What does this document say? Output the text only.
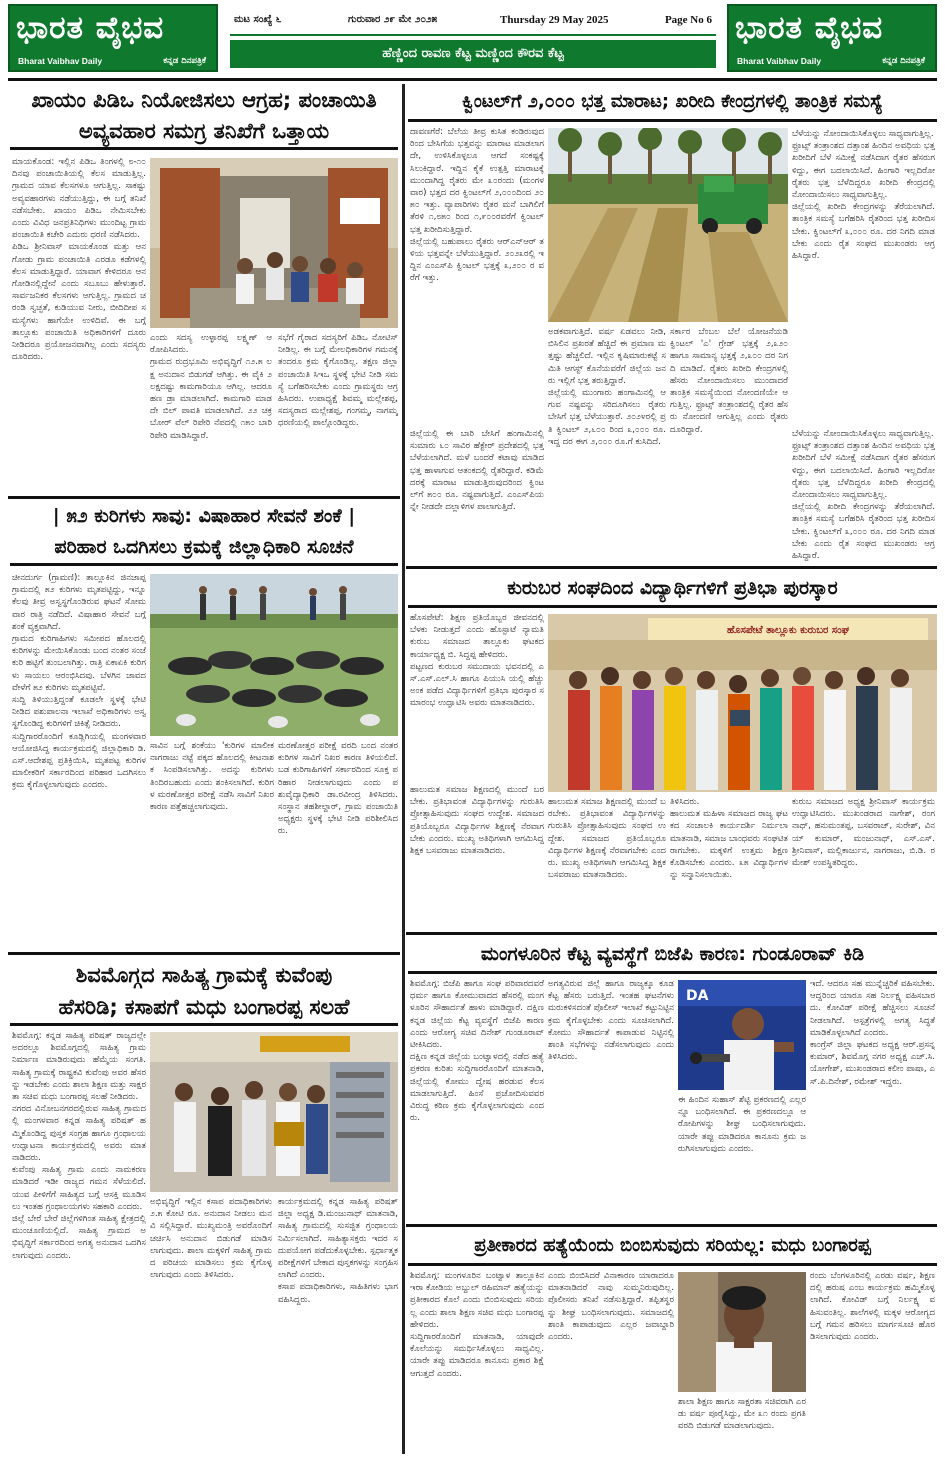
ಭಾರತ ವೈಭವ
Bharat Vaibhav Daily	ಕನ್ನಡ ದಿನಪತ್ರಿಕೆ
ಮಟ ಸಂಖ್ಯೆ ೬	ಗುರುವಾರ ೨೯ ಮೇ ೨೦೨೫	Thursday 29 May 2025	Page No 6
ಹೆಣ್ಣಿಂದ ರಾವಣ ಕೆಟ್ಟ ಮಣ್ಣಿಂದ ಕೌರವ ಕೆಟ್ಟ
ಭಾರತ ವೈಭವ
Bharat Vaibhav Daily	ಕನ್ನಡ ದಿನಪತ್ರಿಕೆ
ಖಾಯಂ ಪಿಡಿಒ ನಿಯೋಜಿಸಲು ಆಗ್ರಹ; ಪಂಚಾಯಿತಿ
ಅವ್ಯವಹಾರ ಸಮಗ್ರ ತನಿಖೆಗೆ ಒತ್ತಾಯ
ಮಾಯಕೊಂಡ: ಇಲ್ಲಿನ ಪಿಡಿಒ ತಿಂಗಳಲ್ಲಿ ೮-೧೦ ದಿನವು ಪಂಚಾಯಿತಿಯಲ್ಲಿ ಕೆಲಸ ಮಾಡುತ್ತಿಲ್ಲ. ಗ್ರಾಮದ ಯಾವ ಕೆಲಸಗಳೂ ಆಗುತ್ತಿಲ್ಲ. ಸಾಕಷ್ಟು ಅವ್ಯವಹಾರಗಳು ನಡೆಯುತ್ತಿದ್ದು, ಈ ಬಗ್ಗೆ ತನಿಖೆ ನಡೆಸಬೇಕು. ಖಾಯಂ ಪಿಡಿಒ ನೇಮಿಸಬೇಕು ಎಂದು ವಿವಿಧ ಜನಪ್ರತಿನಿಧಿಗಳು ಮುಂದಿಟ್ಟ ಗ್ರಾಮ ಪಂಚಾಯಿತಿ ಕಚೇರಿ ಎದುರು ಧರಣಿ ನಡೆಸಿದರು.
ಪಿಡಿಒ ಶ್ರೀನಿವಾಸ್ ಮಾಯಕೊಂಡ ಮತ್ತು ಆನಗೋಡು ಗ್ರಾಮ ಪಂಚಾಯಿತಿ ಎರಡೂ ಕಡೆಗಳಲ್ಲಿ ಕೆಲಸ ಮಾಡುತ್ತಿದ್ದಾರೆ. ಯಾವಾಗ ಕೇಳಿದರೂ ಆನಗೋಡಿನಲ್ಲಿದ್ದೇನೆ ಎಂದು ಸಬೂಬು ಹೇಳುತ್ತಾರೆ. ಸಾರ್ವಜನಿಕರ ಕೆಲಸಗಳು ಆಗುತ್ತಿಲ್ಲ. ಗ್ರಾಮದ ಚರಂಡಿ ಸ್ವಚ್ಛತೆ, ಕುಡಿಯುವ ನೀರು, ಬೀದಿದೀಪ ಸಮಸ್ಯೆಗಳು ಹಾಗೆಯೇ ಉಳಿದಿವೆ. ಈ ಬಗ್ಗೆ ತಾಲ್ಲೂಕು ಪಂಚಾಯಿತಿ ಅಧಿಕಾರಿಗಳಿಗೆ ದೂರು ನೀಡಿದರೂ ಪ್ರಯೋಜನವಾಗಿಲ್ಲ ಎಂದು ಸದಸ್ಯರು ದೂರಿದರು.
ಎಂದು ಸದಸ್ಯ ಉಳ್ಳಾರಪ್ಪ ಲಕ್ಷ್ಮಣ್ ಆರೋಪಿಸಿದರು.
ಗ್ರಾಮದ ರುದ್ರಭೂಮಿ ಅಭಿವೃದ್ಧಿಗೆ ೧೨.೫ ಲಕ್ಷ ಅನುದಾನ ಬಿಡುಗಡೆ ಆಗಿತ್ತು. ಈ ವೈಕಿ ೨ ಲಕ್ಷದಷ್ಟು ಕಾಮಗಾರಿಯೂ ಆಗಿಲ್ಲ. ಆದರೂ ಹಣ ಡ್ರಾ ಮಾಡಲಾಗಿದೆ. ಕಾಮಗಾರಿ ಮಾಡದೇ ಬಿಲ್ ಪಾವತಿ ಮಾಡಲಾಗಿದೆ. ೨೨ ಚಕ್ರ ಬೋರ್ ವೆಲ್ ರಿಪೇರಿ ನೆಪದಲ್ಲಿ ೧೫೦ ಬಾರಿ ರಿಪೇರಿ ಮಾಡಿಸಿದ್ದಾರೆ.
ಸಭೆಗೆ ಗೈರಾದ ಸದಸ್ಯರಿಗೆ ಪಿಡಿಒ ನೋಟಿಸ್ ನೀಡಿಲ್ಲ. ಈ ಬಗ್ಗೆ ಮೇಲಧಿಕಾರಿಗಳ ಗಮನಕ್ಕೆ ತಂದರೂ ಕ್ರಮ ಕೈಗೊಂಡಿಲ್ಲ. ತಕ್ಷಣ ಜಿಲ್ಲಾ ಪಂಚಾಯಿತಿ ಸಿಇಒ ಸ್ಥಳಕ್ಕೆ ಭೇಟಿ ನೀಡಿ ಸಮಸ್ಯೆ ಬಗೆಹರಿಸಬೇಕು ಎಂದು ಗ್ರಾಮಸ್ಥರು ಆಗ್ರಹಿಸಿದರು. ಉಪಾಧ್ಯಕ್ಷೆ ಶಿವಮ್ಮ ಮಲ್ಲೇಶಪ್ಪ, ಸದಸ್ಯರಾದ ಮಲ್ಲೇಶಪ್ಪ, ಗಂಗಮ್ಮ, ನಾಗಮ್ಮ ಧರಣಿಯಲ್ಲಿ ಪಾಲ್ಗೊಂಡಿದ್ದರು.
| ೫೨ ಕುರಿಗಳು ಸಾವು: ವಿಷಾಹಾರ ಸೇವನೆ ಶಂಕೆ |
ಪರಿಹಾರ ಒದಗಿಸಲು ಕ್ರಮಕ್ಕೆ ಜಿಲ್ಲಾಧಿಕಾರಿ ಸೂಚನೆ
ಚೀನದುರ್ಗ (ಗ್ರಾಮಣಿ): ತಾಲ್ಲೂಕಿನ ಜಿನಜಾಪ್ಪ ಗ್ರಾಮದಲ್ಲಿ ೫೨ ಕುರಿಗಳು ಮೃತಪಟ್ಟಿದ್ದು, ಇನ್ನೂ ಕೆಲವು ತೀವ್ರ ಅಸ್ವಸ್ಥಗೊಂಡಿರುವ ಘಟನೆ ಸೋಮವಾರ ರಾತ್ರಿ ನಡೆದಿದೆ. ವಿಷಾಹಾರ ಸೇವನೆ ಬಗ್ಗೆ ಶಂಕೆ ವ್ಯಕ್ತವಾಗಿದೆ.
ಗ್ರಾಮದ ಕುರಿಗಾಹಿಗಳು ಸಮೀಪದ ಹೊಲದಲ್ಲಿ ಕುರಿಗಳನ್ನು ಮೇಯಿಸಿಕೊಂಡು ಬಂದ ನಂತರ ಸಂಜೆ ಕುರಿ ಹಟ್ಟಿಗೆ ತುಂಬಲಾಗಿತ್ತು. ರಾತ್ರಿ ಏಕಾಏಕಿ ಕುರಿಗಳು ಸಾಯಲು ಆರಂಭಿಸಿದವು. ಬೆಳಗಿನ ಜಾವದ ವೇಳೆಗೆ ೫೨ ಕುರಿಗಳು ಮೃತಪಟ್ಟಿವೆ.
ಸುದ್ದಿ ತಿಳಿಯುತ್ತಿದ್ದಂತೆ ಕೂಡಲೇ ಸ್ಥಳಕ್ಕೆ ಭೇಟಿ ನೀಡಿದ ಪಶುಪಾಲನಾ ಇಲಾಖೆ ಅಧಿಕಾರಿಗಳು ಅಸ್ವಸ್ಥಗೊಂಡಿದ್ದ ಕುರಿಗಳಿಗೆ ಚಿಕಿತ್ಸೆ ನೀಡಿದರು.
ಸುದ್ದಿಗಾರರೊಂದಿಗೆ ಕೂಡ್ಲಿಗಿಯಲ್ಲಿ ಮಂಗಳವಾರ ಆಯೋಜಿಸಿದ್ದ ಕಾರ್ಯಕ್ರಮದಲ್ಲಿ ಜಿಲ್ಲಾಧಿಕಾರಿ ಡಿ.ಎಸ್.ಆದೇಶಪ್ಪ ಪ್ರತಿಕ್ರಿಯಿಸಿ, ಮೃತಪಟ್ಟ ಕುರಿಗಳ ಮಾಲೀಕರಿಗೆ ಸರ್ಕಾರದಿಂದ ಪರಿಹಾರ ಒದಗಿಸಲು ಕ್ರಮ ಕೈಗೊಳ್ಳಲಾಗುವುದು ಎಂದರು.
ಸಾವಿನ ಬಗ್ಗೆ ಶಂಕೆಯು 'ಕುರಿಗಳ ಮಾಲೀಕ ನಾಗರಾಜು ನಟ್ಟೆ ಪಕ್ಕದ ಹೊಲದಲ್ಲಿ ಕೀಟನಾಶಕ ಸಿಂಪಡಿಸಲಾಗಿತ್ತು. ಅದನ್ನು ಕುರಿಗಳು ತಿಂದಿರಬಹುದು ಎಂದು ಶಂಕಿಸಲಾಗಿದೆ. ಕುರಿಗಳ ಮರಣೋತ್ತರ ಪರೀಕ್ಷೆ ನಡೆಸಿ ಸಾವಿಗೆ ನಿಖರ ಕಾರಣ ಪತ್ತೆಹಚ್ಚಲಾಗುವುದು.
ಮರಣೋತ್ತರ ಪರೀಕ್ಷೆ ವರದಿ ಬಂದ ನಂತರ ಕುರಿಗಳ ಸಾವಿಗೆ ನಿಖರ ಕಾರಣ ತಿಳಿಯಲಿದೆ. ಬಡ ಕುರಿಗಾಹಿಗಳಿಗೆ ಸರ್ಕಾರದಿಂದ ಸೂಕ್ತ ಪರಿಹಾರ ನೀಡಲಾಗುವುದು ಎಂದು ಪಶುವೈದ್ಯಾಧಿಕಾರಿ ಡಾ.ರವೀಂದ್ರ ತಿಳಿಸಿದರು. ಸಂಸ್ಥಾನ ತಹಶೀಲ್ದಾರ್, ಗ್ರಾಮ ಪಂಚಾಯಿತಿ ಅಧ್ಯಕ್ಷರು ಸ್ಥಳಕ್ಕೆ ಭೇಟಿ ನೀಡಿ ಪರಿಶೀಲಿಸಿದರು.
ಶಿವಮೊಗ್ಗದ ಸಾಹಿತ್ಯ ಗ್ರಾಮಕ್ಕೆ ಕುವೆಂಪು
ಹೆಸರಿಡಿ; ಕಸಾಪಗೆ ಮಧು ಬಂಗಾರಪ್ಪ ಸಲಹೆ
ಶಿವಮೊಗ್ಗ: ಕನ್ನಡ ಸಾಹಿತ್ಯ ಪರಿಷತ್ ರಾಜ್ಯದಲ್ಲೇ ಅದರಲ್ಲೂ ಶಿವಮೊಗ್ಗದಲ್ಲಿ ಸಾಹಿತ್ಯ ಗ್ರಾಮ ನಿರ್ಮಾಣ ಮಾಡಿರುವುದು ಹೆಮ್ಮೆಯ ಸಂಗತಿ. ಸಾಹಿತ್ಯ ಗ್ರಾಮಕ್ಕೆ ರಾಷ್ಟ್ರಕವಿ ಕುವೆಂಪು ಅವರ ಹೆಸರನ್ನು ಇಡಬೇಕು ಎಂದು ಶಾಲಾ ಶಿಕ್ಷಣ ಮತ್ತು ಸಾಕ್ಷರತಾ ಸಚಿವ ಮಧು ಬಂಗಾರಪ್ಪ ಸಲಹೆ ನೀಡಿದರು.
ನಗರದ ವಿನೋಬನಗರದಲ್ಲಿರುವ ಸಾಹಿತ್ಯ ಗ್ರಾಮದಲ್ಲಿ ಮಂಗಳವಾರ ಕನ್ನಡ ಸಾಹಿತ್ಯ ಪರಿಷತ್ ಹಮ್ಮಿಕೊಂಡಿದ್ದ ಪುಸ್ತಕ ಸಂಗ್ರಹ ಹಾಗೂ ಗ್ರಂಥಾಲಯ ಉದ್ಘಾಟನಾ ಕಾರ್ಯಕ್ರಮದಲ್ಲಿ ಅವರು ಮಾತನಾಡಿದರು.
ಕುವೆಂಪು ಸಾಹಿತ್ಯ ಗ್ರಾಮ ಎಂದು ನಾಮಕರಣ ಮಾಡಿದರೆ ಇಡೀ ರಾಜ್ಯದ ಗಮನ ಸೆಳೆಯಲಿದೆ. ಯುವ ಪೀಳಿಗೆಗೆ ಸಾಹಿತ್ಯದ ಬಗ್ಗೆ ಆಸಕ್ತಿ ಮೂಡಿಸಲು ಇಂತಹ ಗ್ರಂಥಾಲಯಗಳು ಸಹಕಾರಿ ಎಂದರು.
ಜಿಲ್ಲೆ ಬೇರೆ ಬೇರೆ ಜಿಲ್ಲೆಗಳಿಗಿಂತ ಸಾಹಿತ್ಯ ಕ್ಷೇತ್ರದಲ್ಲಿ ಮುಂಚೂಣಿಯಲ್ಲಿದೆ. ಸಾಹಿತ್ಯ ಗ್ರಾಮದ ಅಭಿವೃದ್ಧಿಗೆ ಸರ್ಕಾರದಿಂದ ಅಗತ್ಯ ಅನುದಾನ ಒದಗಿಸಲಾಗುವುದು ಎಂದರು.
ಅಭಿವೃದ್ಧಿಗೆ ಇಲ್ಲಿನ ಕಸಾಪ ಪದಾಧಿಕಾರಿಗಳು ೨.೫ ಕೋಟಿ ರೂ. ಅನುದಾನ ನೀಡಲು ಮನವಿ ಸಲ್ಲಿಸಿದ್ದಾರೆ. ಮುಖ್ಯಮಂತ್ರಿ ಅವರೊಂದಿಗೆ ಚರ್ಚಿಸಿ ಅನುದಾನ ಬಿಡುಗಡೆ ಮಾಡಿಸಲಾಗುವುದು. ಶಾಲಾ ಮಕ್ಕಳಿಗೆ ಸಾಹಿತ್ಯ ಗ್ರಾಮದ ಪರಿಚಯ ಮಾಡಿಸಲು ಕ್ರಮ ಕೈಗೊಳ್ಳಲಾಗುವುದು ಎಂದು ತಿಳಿಸಿದರು.
ಕಾರ್ಯಕ್ರಮದಲ್ಲಿ ಕನ್ನಡ ಸಾಹಿತ್ಯ ಪರಿಷತ್ ಜಿಲ್ಲಾ ಅಧ್ಯಕ್ಷ ಡಿ.ಮಂಜುನಾಥ್ ಮಾತನಾಡಿ, ಸಾಹಿತ್ಯ ಗ್ರಾಮದಲ್ಲಿ ಸುಸಜ್ಜಿತ ಗ್ರಂಥಾಲಯ ನಿರ್ಮಿಸಲಾಗಿದೆ. ಸಾಹಿತ್ಯಾಸಕ್ತರು ಇದರ ಸದುಪಯೋಗ ಪಡೆದುಕೊಳ್ಳಬೇಕು. ಸ್ಪರ್ಧಾತ್ಮಕ ಪರೀಕ್ಷೆಗಳಿಗೆ ಬೇಕಾದ ಪುಸ್ತಕಗಳನ್ನು ಸಂಗ್ರಹಿಸಲಾಗಿದೆ ಎಂದರು.
ಕಸಾಪ ಪದಾಧಿಕಾರಿಗಳು, ಸಾಹಿತಿಗಳು ಭಾಗವಹಿಸಿದ್ದರು.
ಕ್ವಿಂಟಲ್‌ಗೆ ೨,೦೦೦ ಭತ್ತ ಮಾರಾಟ; ಖರೀದಿ ಕೇಂದ್ರಗಳಲ್ಲಿ ತಾಂತ್ರಿಕ ಸಮಸ್ಯೆ
ದಾವಣಗೆರೆ: ಬೆಲೆಯ ತೀವ್ರ ಕುಸಿತ ಕಂಡಿರುವುದರಿಂದ ಬೇಸಿಗೆಯ ಭತ್ತವನ್ನು ಮಾರಾಟ ಮಾಡಲಾಗದೇ, ಉಳಿಸಿಕೊಳ್ಳಲೂ ಆಗದೆ ಸಂಕಷ್ಟಕ್ಕೆ ಸಿಲುಕಿದ್ದಾರೆ. ಇದ್ದಿನ ಕೈಕೆ ಉತ್ಪತ್ತಿ ಮಾರಾಟಕ್ಕೆ ಮುಂದಾಗಿದ್ದ ರೈತರು ಮೇ ೩೦ರಂದು (ಮಂಗಳವಾರ) ಭತ್ತದ ದರ ಕ್ವಿಂಟಲ್‌ಗೆ ೨,೦೦೦ದಿಂದ ೨೦೫೦ ಇತ್ತು. ವ್ಯಾಪಾರಿಗಳು ರೈತರ ಮನೆ ಬಾಗಿಲಿಗೆ ತೆರಳಿ ೧,೮೫೦ ರಿಂದ ೧,೯೦೦ರವರೆಗೆ ಕ್ವಿಂಟಲ್ ಭತ್ತ ಖರೀದಿಸುತ್ತಿದ್ದಾರೆ.
ಜಿಲ್ಲೆಯಲ್ಲಿ ಬಹುಪಾಲು ರೈತರು ಆರ್‌ಎನ್‌ಆರ್ ತಳಿಯ ಭತ್ತವನ್ನೇ ಬೆಳೆಯುತ್ತಿದ್ದಾರೆ. ೨೦೨೩ರಲ್ಲಿ ಇದ್ದಿನ ಎಂಎಸ್‌ಪಿ ಕ್ವಿಂಟಲ್ ಭತ್ತಕ್ಕೆ ೩,೨೦೦ ರ ವರೆಗೆ ಇತ್ತು.
ಬೆಳೆಯನ್ನು ನೋಂದಾಯಿಸಿಕೊಳ್ಳಲು ಸಾಧ್ಯವಾಗುತ್ತಿಲ್ಲ.
ಫ್ರೂಟ್ಸ್ ತಂತ್ರಾಂಶದ ದತ್ತಾಂಶ ಹಿಂದಿನ ಅವಧಿಯ ಭತ್ತ ಖರೀದಿಗೆ ಬೆಳೆ ಸಮೀಕ್ಷೆ ನಡೆಸಿದಾಗ ರೈತರ ಹೆಸರುಗಳಿದ್ದು, ಈಗ ಬದಲಾಯಿಸಿದೆ. ಹಿಂಗಾರಿ ಇಲ್ಲದಿರೋ ರೈತರು ಭತ್ತ ಬೆಳೆದಿದ್ದರೂ ಖರೀದಿ ಕೇಂದ್ರದಲ್ಲಿ ನೋಂದಾಯಿಸಲು ಸಾಧ್ಯವಾಗುತ್ತಿಲ್ಲ.
ಜಿಲ್ಲೆಯಲ್ಲಿ ಖರೀದಿ ಕೇಂದ್ರಗಳನ್ನು ತೆರೆಯಲಾಗಿದೆ. ತಾಂತ್ರಿಕ ಸಮಸ್ಯೆ ಬಗೆಹರಿಸಿ ರೈತರಿಂದ ಭತ್ತ ಖರೀದಿಸಬೇಕು. ಕ್ವಿಂಟಲ್‌ಗೆ ೩,೦೦೦ ರೂ. ದರ ನಿಗದಿ ಮಾಡಬೇಕು ಎಂದು ರೈತ ಸಂಘದ ಮುಖಂಡರು ಆಗ್ರಹಿಸಿದ್ದಾರೆ.
ಅಡಕವಾಗುತ್ತಿದೆ. ವರ್ಷ ಏಡವಲು ನೀಡಿ, ಬಿಸಿಲಿನ ಪ್ರಖರತೆ ಹೆಚ್ಚಿದೆ ಈ ಪ್ರಮಾಣ ಮತ್ತಷ್ಟು ಹೆಚ್ಚಲಿದೆ. ಇಲ್ಲಿನ ಕೃಷಿಮಾರುಕಟ್ಟೆ ಸಮಿತಿ ಆಗಸ್ಟ್ ಕೊನೆಯವರೆಗೆ ಜಿಲ್ಲೆಯ ಜನರು ಇಲ್ಲಿಗೆ ಭತ್ತ ತರುತ್ತಿದ್ದಾರೆ.
ಜಿಲ್ಲೆಯಲ್ಲಿ ಮುಂಗಾರು ಹಂಗಾಮಿನಲ್ಲಿ ಆಗುವ ನಷ್ಟವನ್ನು ಸರಿದೂಗಿಸಲು ರೈತರು ಬೇಸಿಗೆ ಭತ್ತ ಬೆಳೆಯುತ್ತಾರೆ. ೨೦೨೪ರಲ್ಲಿ ಪ್ರತಿ ಕ್ವಿಂಟಲ್ ೨,೬೦೦ ರಿಂದ ೩,೦೦೦ ರೂ. ಇದ್ದ ದರ ಈಗ ೨,೦೦೦ ರೂ.ಗೆ ಕುಸಿದಿದೆ.
ಸರ್ಕಾರ ಬೆಂಬಲ ಬೆಲೆ ಯೋಜನೆಯಡಿ ಕ್ವಿಂಟಲ್ 'ಎ' ಗ್ರೇಡ್ ಭತ್ತಕ್ಕೆ ೨,೩೨೦ ಹಾಗೂ ಸಾಮಾನ್ಯ ಭತ್ತಕ್ಕೆ ೨,೩೦೦ ದರ ನಿಗದಿ ಮಾಡಿದೆ. ರೈತರು ಖರೀದಿ ಕೇಂದ್ರಗಳಲ್ಲಿ ಹೆಸರು ನೋಂದಾಯಿಸಲು ಮುಂದಾದರೆ ತಾಂತ್ರಿಕ ಸಮಸ್ಯೆಯಿಂದ ನೋಂದಣಿಯೇ ಆಗುತ್ತಿಲ್ಲ. ಫ್ರೂಟ್ಸ್ ತಂತ್ರಾಂಶದಲ್ಲಿ ರೈತರ ಹೆಸರು ನೋಂದಣಿ ಆಗುತ್ತಿಲ್ಲ ಎಂದು ರೈತರು ದೂರಿದ್ದಾರೆ.
ಜಿಲ್ಲೆಯಲ್ಲಿ ಈ ಬಾರಿ ಬೇಸಿಗೆ ಹಂಗಾಮಿನಲ್ಲಿ ಸುಮಾರು ೬೦ ಸಾವಿರ ಹೆಕ್ಟೇರ್ ಪ್ರದೇಶದಲ್ಲಿ ಭತ್ತ ಬೆಳೆಯಲಾಗಿದೆ. ಮಳೆ ಬಂದರೆ ಕಟಾವು ಮಾಡಿದ ಭತ್ತ ಹಾಳಾಗುವ ಆತಂಕದಲ್ಲಿ ರೈತರಿದ್ದಾರೆ. ಕಡಿಮೆ ದರಕ್ಕೆ ಮಾರಾಟ ಮಾಡುತ್ತಿರುವುದರಿಂದ ಕ್ವಿಂಟಲ್‌ಗೆ ೫೦೦ ರೂ. ನಷ್ಟವಾಗುತ್ತಿದೆ. ಎಂಎಸ್‌ಪಿಯನ್ನೇ ನೀಡದೇ ದಲ್ಲಾಳಿಗಳ ಪಾಲಾಗುತ್ತಿದೆ.
ಬೆಳೆಯನ್ನು ನೋಂದಾಯಿಸಿಕೊಳ್ಳಲು ಸಾಧ್ಯವಾಗುತ್ತಿಲ್ಲ.
ಫ್ರೂಟ್ಸ್ ತಂತ್ರಾಂಶದ ದತ್ತಾಂಶ ಹಿಂದಿನ ಅವಧಿಯ ಭತ್ತ ಖರೀದಿಗೆ ಬೆಳೆ ಸಮೀಕ್ಷೆ ನಡೆಸಿದಾಗ ರೈತರ ಹೆಸರುಗಳಿದ್ದು, ಈಗ ಬದಲಾಯಿಸಿದೆ. ಹಿಂಗಾರಿ ಇಲ್ಲದಿರೋ ರೈತರು ಭತ್ತ ಬೆಳೆದಿದ್ದರೂ ಖರೀದಿ ಕೇಂದ್ರದಲ್ಲಿ ನೋಂದಾಯಿಸಲು ಸಾಧ್ಯವಾಗುತ್ತಿಲ್ಲ.
ಜಿಲ್ಲೆಯಲ್ಲಿ ಖರೀದಿ ಕೇಂದ್ರಗಳನ್ನು ತೆರೆಯಲಾಗಿದೆ. ತಾಂತ್ರಿಕ ಸಮಸ್ಯೆ ಬಗೆಹರಿಸಿ ರೈತರಿಂದ ಭತ್ತ ಖರೀದಿಸಬೇಕು. ಕ್ವಿಂಟಲ್‌ಗೆ ೩,೦೦೦ ರೂ. ದರ ನಿಗದಿ ಮಾಡಬೇಕು ಎಂದು ರೈತ ಸಂಘದ ಮುಖಂಡರು ಆಗ್ರಹಿಸಿದ್ದಾರೆ.
ಕುರುಬರ ಸಂಘದಿಂದ ವಿದ್ಯಾರ್ಥಿಗಳಿಗೆ ಪ್ರತಿಭಾ ಪುರಸ್ಕಾರ
ಹೊಸಪೇಟೆ: ಶಿಕ್ಷಣ ಪ್ರತಿಯೊಬ್ಬರ ಜೀವನದಲ್ಲಿ ಬೆಳಕು ನೀಡುತ್ತದೆ ಎಂದು ಹೊಸ್ಪಾಟೆ ನ್ಯಾಮತಿ ಕುರುಬ ಸಮಾಜದ ತಾಲ್ಲೂಕು ಘಟಕದ ಕಾರ್ಯಾಧ್ಯಕ್ಷ ಬಿ. ಸಿದ್ದಪ್ಪ ಹೇಳಿದರು.
ಪಟ್ಟಣದ ಕುರುಬರ ಸಮುದಾಯ ಭವನದಲ್ಲಿ ಎಸ್.ಎಸ್.ಎಲ್.ಸಿ ಹಾಗೂ ಪಿಯುಸಿ ಯಲ್ಲಿ ಹೆಚ್ಚು ಅಂಕ ಪಡೆದ ವಿದ್ಯಾರ್ಥಿಗಳಿಗೆ ಪ್ರತಿಭಾ ಪುರಸ್ಕಾರ ಸಮಾರಂಭ ಉದ್ಘಾಟಿಸಿ ಅವರು ಮಾತನಾಡಿದರು.
ಹೊಸಪೇಟೆ ತಾಲ್ಲೂಕು ಕುರುಬರ ಸಂಘ
ಹಾಲುಮತ ಸಮಾಜ ಶಿಕ್ಷಣದಲ್ಲಿ ಮುಂದೆ ಬರಬೇಕು. ಪ್ರತಿಭಾವಂತ ವಿದ್ಯಾರ್ಥಿಗಳನ್ನು ಗುರುತಿಸಿ ಪ್ರೋತ್ಸಾಹಿಸುವುದು ಸಂಘದ ಉದ್ದೇಶ. ಸಮಾಜದ ಪ್ರತಿಯೊಬ್ಬರೂ ವಿದ್ಯಾರ್ಥಿಗಳ ಶಿಕ್ಷಣಕ್ಕೆ ನೆರವಾಗಬೇಕು ಎಂದರು. ಮುಖ್ಯ ಅತಿಥಿಗಳಾಗಿ ಆಗಮಿಸಿದ್ದ ಶಿಕ್ಷಕ ಬಸವರಾಜು ಮಾತನಾಡಿದರು.
ಹಾಲುಮತ ಸಮಾಜ ಶಿಕ್ಷಣದಲ್ಲಿ ಮುಂದೆ ಬರಬೇಕು. ಪ್ರತಿಭಾವಂತ ವಿದ್ಯಾರ್ಥಿಗಳನ್ನು ಗುರುತಿಸಿ ಪ್ರೋತ್ಸಾಹಿಸುವುದು ಸಂಘದ ಉದ್ದೇಶ. ಸಮಾಜದ ಪ್ರತಿಯೊಬ್ಬರೂ ವಿದ್ಯಾರ್ಥಿಗಳ ಶಿಕ್ಷಣಕ್ಕೆ ನೆರವಾಗಬೇಕು ಎಂದರು. ಮುಖ್ಯ ಅತಿಥಿಗಳಾಗಿ ಆಗಮಿಸಿದ್ದ ಶಿಕ್ಷಕ ಬಸವರಾಜು ಮಾತನಾಡಿದರು.
ತಿಳಿಸಿದರು.
ಹಾಲುಮತ ಮಹಿಳಾ ಸಮಾಜದ ರಾಜ್ಯ ಘಟಕದ ಸಂಚಾಲಕಿ ಕಾರ್ಯದರ್ಶಿ ನಿರ್ಮಲಾ ಮಾತನಾಡಿ, ಸಮಾಜ ಬಾಂಧವರು ಸಂಘಟಿತರಾಗಬೇಕು. ಮಕ್ಕಳಿಗೆ ಉತ್ತಮ ಶಿಕ್ಷಣ ಕೊಡಿಸಬೇಕು ಎಂದರು. ೩೫ ವಿದ್ಯಾರ್ಥಿಗಳನ್ನು ಸನ್ಮಾನಿಸಲಾಯಿತು.
ಕುರುಬ ಸಮಾಜದ ಅಧ್ಯಕ್ಷ ಶ್ರೀನಿವಾಸ್ ಕಾರ್ಯಕ್ರಮ ಉದ್ಘಾಟಿಸಿದರು. ಮುಖಂಡರಾದ ನಾಗೇಶ್, ರಂಗನಾಥ್, ಹನುಮಂತಪ್ಪ, ಬಸವರಾಜ್, ಸುರೇಶ್, ವಿನಯ್ ಕುಮಾರ್, ಮಂಜುನಾಥ್, ಎಸ್.ಎಸ್.ಶ್ರೀನಿವಾಸ್, ಮಲ್ಲಿಕಾರ್ಜುನ, ನಾಗರಾಜು, ಬಿ.ಡಿ. ರಮೇಶ್ ಉಪಸ್ಥಿತರಿದ್ದರು.
ಮಂಗಳೂರಿನ ಕೆಟ್ಟ ವ್ಯವಸ್ಥೆಗೆ ಬಿಜೆಪಿ ಕಾರಣ: ಗುಂಡೂರಾವ್ ಕಿಡಿ
ಶಿವಮೊಗ್ಗ: ಬಿಜೆಪಿ ಹಾಗೂ ಸಂಘ ಪರಿವಾರದವರೆ ಧರ್ಮ ಹಾಗೂ ಕೋಮುವಾದದ ಹೆಸರಲ್ಲಿ ಮಂಗಳೂರಿನ ಸೌಹಾರ್ದತೆ ಹಾಳು ಮಾಡಿದ್ದಾರೆ. ದಕ್ಷಿಣ ಕನ್ನಡ ಜಿಲ್ಲೆಯ ಕೆಟ್ಟ ವ್ಯವಸ್ಥೆಗೆ ಬಿಜೆಪಿ ಕಾರಣ ಎಂದು ಆರೋಗ್ಯ ಸಚಿವ ದಿನೇಶ್ ಗುಂಡೂರಾವ್ ಟೀಕಿಸಿದರು.
ದಕ್ಷಿಣ ಕನ್ನಡ ಜಿಲ್ಲೆಯ ಬಂಟ್ವಾಳದಲ್ಲಿ ನಡೆದ ಹತ್ಯೆ ಪ್ರಕರಣ ಕುರಿತು ಸುದ್ದಿಗಾರರೊಂದಿಗೆ ಮಾತನಾಡಿ, ಜಿಲ್ಲೆಯಲ್ಲಿ ಕೋಮು ದ್ವೇಷ ಹರಡುವ ಕೆಲಸ ಮಾಡಲಾಗುತ್ತಿದೆ. ಹಿಂಸೆ ಪ್ರಚೋದಿಸುವವರ ವಿರುದ್ಧ ಕಠಿಣ ಕ್ರಮ ಕೈಗೊಳ್ಳಲಾಗುವುದು ಎಂದರು.
ಅಗತ್ಯವಿರುವ ಜಿಲ್ಲೆ ಹಾಗೂ ರಾಜ್ಯಕ್ಕೂ ಕೂಡ ಕೆಟ್ಟ ಹೆಸರು ಬರುತ್ತಿದೆ. ಇಂತಹ ಘಟನೆಗಳು ಮರುಕಳಿಸದಂತೆ ಪೊಲೀಸ್ ಇಲಾಖೆ ಕಟ್ಟುನಿಟ್ಟಿನ ಕ್ರಮ ಕೈಗೊಳ್ಳಬೇಕು ಎಂದು ಸೂಚಿಸಲಾಗಿದೆ. ಕೋಮು ಸೌಹಾರ್ದತೆ ಕಾಪಾಡುವ ನಿಟ್ಟಿನಲ್ಲಿ ಶಾಂತಿ ಸಭೆಗಳನ್ನು ನಡೆಸಲಾಗುವುದು ಎಂದು ತಿಳಿಸಿದರು.
DA
ಈ ಹಿಂದಿನ ಸುಹಾಸ್ ಶೆಟ್ಟಿ ಪ್ರಕರಣದಲ್ಲಿ ಎಲ್ಲರನ್ನೂ ಬಂಧಿಸಲಾಗಿದೆ. ಈ ಪ್ರಕರಣದಲ್ಲೂ ಆರೋಪಿಗಳನ್ನು ಶೀಘ್ರ ಬಂಧಿಸಲಾಗುವುದು. ಯಾರೇ ತಪ್ಪು ಮಾಡಿದರೂ ಕಾನೂನು ಕ್ರಮ ಜರುಗಿಸಲಾಗುವುದು ಎಂದರು.
ಇದೆ. ಆದರೂ ಸಹ ಮುನ್ನೆಚ್ಚರಿಕೆ ವಹಿಸಬೇಕು. ಆದ್ದರಿಂದ ಯಾರೂ ಸಹ ನಿರ್ಲಕ್ಷ್ಯ ವಹಿಸಬಾರದು. ಕೋವಿಡ್ ಪರೀಕ್ಷೆ ಹೆಚ್ಚಿಸಲು ಸೂಚನೆ ನೀಡಲಾಗಿದೆ. ಆಸ್ಪತ್ರೆಗಳಲ್ಲಿ ಅಗತ್ಯ ಸಿದ್ಧತೆ ಮಾಡಿಕೊಳ್ಳಲಾಗಿದೆ ಎಂದರು.
ಕಾಂಗ್ರೆಸ್ ಜಿಲ್ಲಾ ಘಟಕದ ಅಧ್ಯಕ್ಷ ಆರ್.ಪ್ರಸನ್ನ ಕುಮಾರ್, ಶಿವಮೊಗ್ಗ ನಗರ ಅಧ್ಯಕ್ಷ ಎಚ್.ಸಿ.ಯೋಗೇಶ್, ಮುಖಂಡರಾದ ಕಲೀಂ ಪಾಷಾ, ಎಸ್.ಪಿ.ದಿನೇಶ್, ರಮೇಶ್ ಇದ್ದರು.
ಪ್ರತೀಕಾರದ ಹತ್ಯೆಯೆಂದು ಬಿಂಬಿಸುವುದು ಸರಿಯಲ್ಲ: ಮಧು ಬಂಗಾರಪ್ಪ
ಶಿವಮೊಗ್ಗ: ಮಂಗಳೂರಿನ ಬಂಟ್ವಾಳ ತಾಲ್ಲೂಕಿನ ಇರಾ ಕೋಡಿಯ ಅಬ್ದುಲ್ ರಹಿಮಾನ್ ಹತ್ಯೆಯನ್ನು ಪ್ರತೀಕಾರದ ಕೊಲೆ ಎಂದು ಬಿಂಬಿಸುವುದು ಸರಿಯಲ್ಲ ಎಂದು ಶಾಲಾ ಶಿಕ್ಷಣ ಸಚಿವ ಮಧು ಬಂಗಾರಪ್ಪ ಹೇಳಿದರು.
ಸುದ್ದಿಗಾರರೊಂದಿಗೆ ಮಾತನಾಡಿ, ಯಾವುದೇ ಕೊಲೆಯನ್ನು ಸಮರ್ಥಿಸಿಕೊಳ್ಳಲು ಸಾಧ್ಯವಿಲ್ಲ. ಯಾರೇ ತಪ್ಪು ಮಾಡಿದರೂ ಕಾನೂನು ಪ್ರಕಾರ ಶಿಕ್ಷೆ ಆಗುತ್ತದೆ ಎಂದರು.
ಎಂದು ಬಿಂಬಿಸಿದರೆ ವಿನಾಕಾರಣ ಯಾರಾದರೂ ಮಾತನಾಡಿದರೆ ನಾವು ಸುಮ್ಮನಿರುವುದಿಲ್ಲ. ಪೊಲೀಸರು ತನಿಖೆ ನಡೆಸುತ್ತಿದ್ದಾರೆ. ತಪ್ಪಿತಸ್ಥರನ್ನು ಶೀಘ್ರ ಬಂಧಿಸಲಾಗುವುದು. ಸಮಾಜದಲ್ಲಿ ಶಾಂತಿ ಕಾಪಾಡುವುದು ಎಲ್ಲರ ಜವಾಬ್ದಾರಿ ಎಂದರು.
ಶಾಲಾ ಶಿಕ್ಷಣ ಹಾಗೂ ಸಾಕ್ಷರತಾ ಸಚಿವರಾಗಿ ಎರಡು ವರ್ಷ ಪೂರೈಸಿದ್ದು, ಮೇ ೩೧ ರಂದು ಪ್ರಗತಿ ವರದಿ ಬಿಡುಗಡೆ ಮಾಡಲಾಗುವುದು.
ರಂದು ಬೆಂಗಳೂರಿನಲ್ಲಿ ಎರಡು ವರ್ಷ, ಶಿಕ್ಷಣದಲ್ಲಿ ಹರುಷ ಎಂಬ ಕಾರ್ಯಕ್ರಮ ಹಮ್ಮಿಕೊಳ್ಳಲಾಗಿದೆ. ಕೋವಿಡ್ ಬಗ್ಗೆ ನಿರ್ಲಕ್ಷ್ಯ ವಹಿಸುವಂತಿಲ್ಲ. ಶಾಲೆಗಳಲ್ಲಿ ಮಕ್ಕಳ ಆರೋಗ್ಯದ ಬಗ್ಗೆ ಗಮನ ಹರಿಸಲು ಮಾರ್ಗಸೂಚಿ ಹೊರಡಿಸಲಾಗುವುದು ಎಂದರು.
